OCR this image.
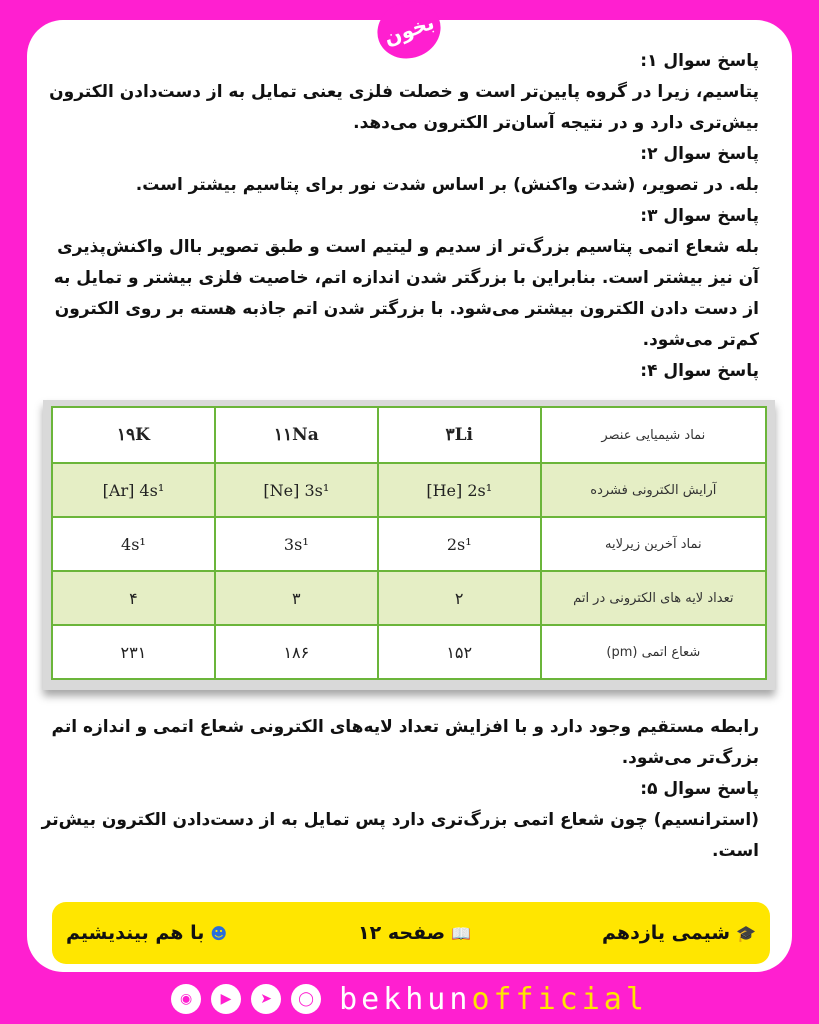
بخون

پاسخ سوال ۱:

پتاسیم، زیرا در گروه پایین‌تر است و خصلت فلزی یعنی تمایل به از دست‌دادن الکترون بیش‌تری دارد و در نتیجه آسان‌تر الکترون می‌دهد.

پاسخ سوال ۲:

بله. در تصویر، (شدت واکنش) بر اساس شدت نور برای پتاسیم بیشتر است.

پاسخ سوال ۳:

بله شعاع اتمی پتاسیم بزرگ‌تر از سدیم و لیتیم است و طبق تصویر باال واکنش‌پذیری آن نیز بیشتر است. بنابراین با بزرگتر شدن اندازه اتم، خاصیت فلزی بیشتر و تمایل به از دست دادن الکترون بیشتر می‌شود. با بزرگتر شدن اتم جاذبه هسته بر روی الکترون کم‌تر می‌شود.

پاسخ سوال ۴:

۱۹K	۱۱Na	۳Li	نماد شیمیایی عنصر
[Ar] 4s¹	[Ne] 3s¹	[He] 2s¹	آرایش الکترونی فشرده
4s¹	3s¹	2s¹	نماد آخرین زیرلایه
۴	۳	۲	تعداد لایه های الکترونی در اتم
۲۳۱	۱۸۶	۱۵۲	شعاع اتمی (pm)

رابطه مستقیم وجود دارد و با افزایش تعداد لایه‌های الکترونی شعاع اتمی و اندازه اتم بزرگ‌تر می‌شود.

پاسخ سوال ۵:

(استرانسیم) چون شعاع اتمی بزرگ‌تری دارد پس تمایل به از دست‌دادن الکترون بیش‌تر است.

☻
با هم بیندیشیم	📖
صفحه ۱۲	🎓
شیمی یازدهم
◉	▶	➤	◯ bekhunofficial
